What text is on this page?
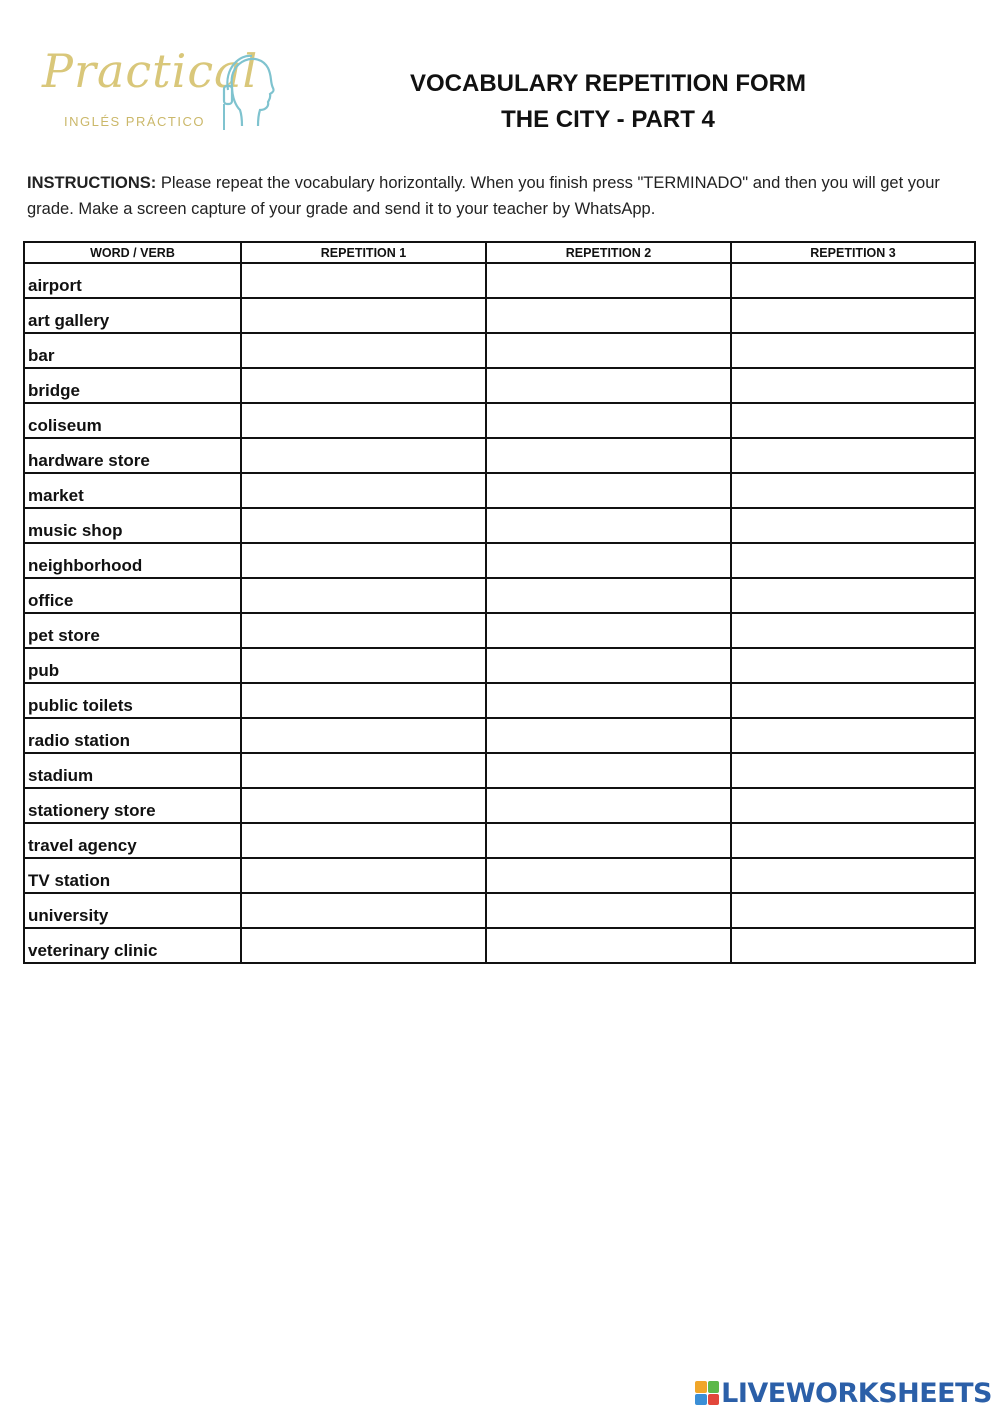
Practical
INGLÉS PRÁCTICO
VOCABULARY REPETITION FORM
THE CITY - PART 4
INSTRUCTIONS: Please repeat the vocabulary horizontally. When you finish press "TERMINADO" and then you will get your grade. Make a screen capture of your grade and send it to your teacher by WhatsApp.
WORD / VERB	REPETITION 1	REPETITION 2	REPETITION 3
airport			
art gallery			
bar			
bridge			
coliseum			
hardware store			
market			
music shop			
neighborhood			
office			
pet store			
pub			
public toilets			
radio station			
stadium			
stationery store			
travel agency			
TV station			
university			
veterinary clinic			
LIVEWORKSHEETS
